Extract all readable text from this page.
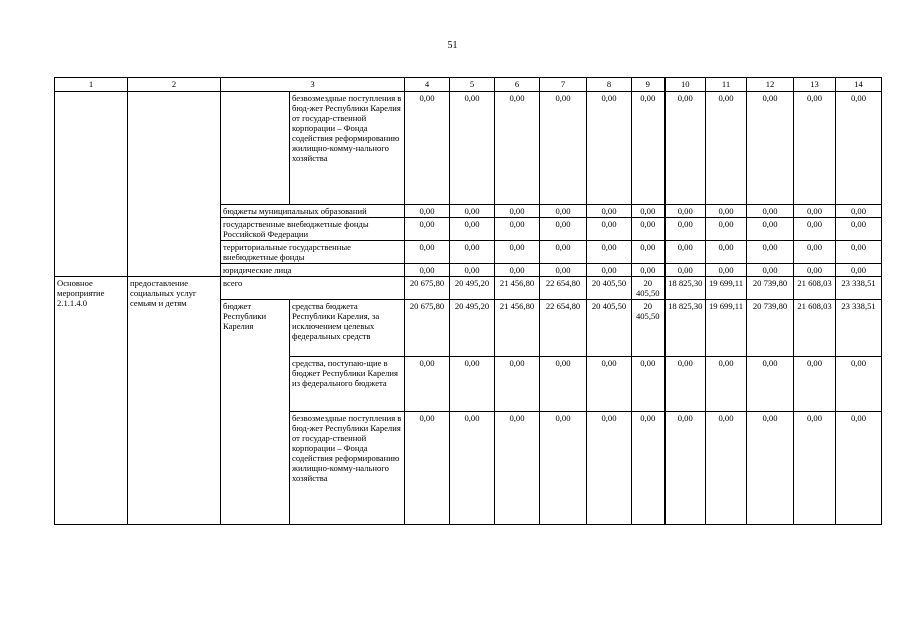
51
1	2	3		4	5	6	7	8	9	10	11	12	13	14
			безвозмездные поступления в бюд-жет Республики Карелия от государ-ственной корпорации – Фонда содействия реформированию жилищно-комму-нального хозяйства	0,00	0,00	0,00	0,00	0,00	0,00	0,00	0,00	0,00	0,00	0,00
		бюджеты муниципальных образований		0,00	0,00	0,00	0,00	0,00	0,00	0,00	0,00	0,00	0,00	0,00
		государственные внебюджетные фонды Российской Федерации		0,00	0,00	0,00	0,00	0,00	0,00	0,00	0,00	0,00	0,00	0,00
		территориальные государственные внебюджетные фонды		0,00	0,00	0,00	0,00	0,00	0,00	0,00	0,00	0,00	0,00	0,00
		юридические лица		0,00	0,00	0,00	0,00	0,00	0,00	0,00	0,00	0,00	0,00	0,00
Основное мероприятие 2.1.1.4.0	предоставление социальных услуг семьям и детям	всего		20 675,80	20 495,20	21 456,80	22 654,80	20 405,50	20 405,50	18 825,30	19 699,11	20 739,80	21 608,03	23 338,51
		бюджет Республики Карелия	средства бюджета Республики Карелия, за исключением целевых федеральных средств	20 675,80	20 495,20	21 456,80	22 654,80	20 405,50	20 405,50	18 825,30	19 699,11	20 739,80	21 608,03	23 338,51
			средства, поступаю-щие в бюджет Республики Карелия из федерального бюджета	0,00	0,00	0,00	0,00	0,00	0,00	0,00	0,00	0,00	0,00	0,00
			безвозмездные поступления в бюд-жет Республики Карелия от государ-ственной корпорации – Фонда содействия реформированию жилищно-комму-нального хозяйства	0,00	0,00	0,00	0,00	0,00	0,00	0,00	0,00	0,00	0,00	0,00
